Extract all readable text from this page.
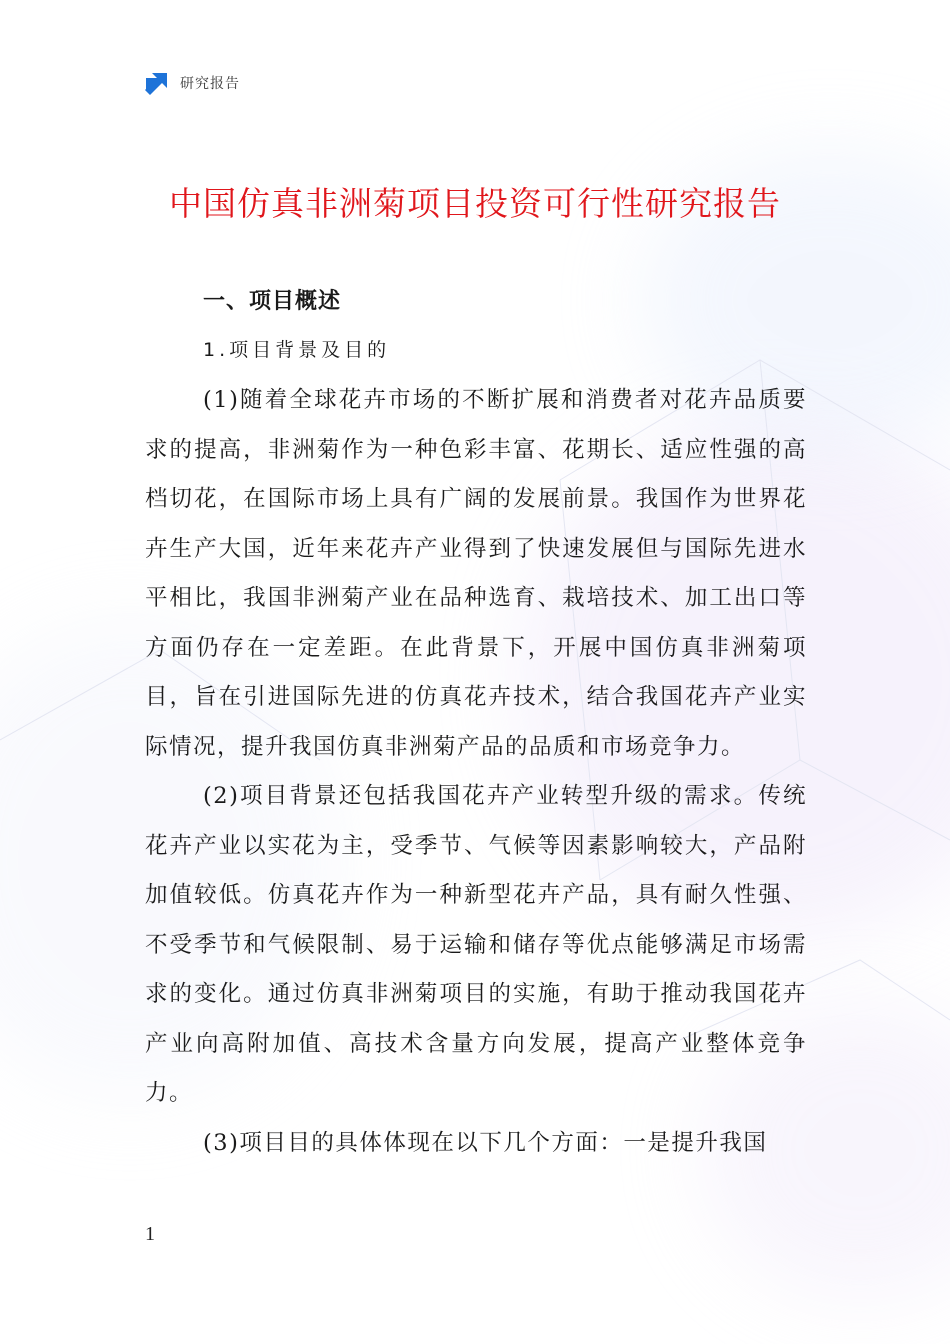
研究报告
中国仿真非洲菊项目投资可行性研究报告
一、项目概述
1.项目背景及目的

(1)随着全球花卉市场的不断扩展和消费者对花卉品质要求的提高，非洲菊作为一种色彩丰富、花期长、适应性强的高档切花，在国际市场上具有广阔的发展前景。我国作为世界花卉生产大国，近年来花卉产业得到了快速发展但与国际先进水平相比，我国非洲菊产业在品种选育、栽培技术、加工出口等方面仍存在一定差距。在此背景下，开展中国仿真非洲菊项目，旨在引进国际先进的仿真花卉技术，结合我国花卉产业实际情况，提升我国仿真非洲菊产品的品质和市场竞争力。

(2)项目背景还包括我国花卉产业转型升级的需求。传统花卉产业以实花为主，受季节、气候等因素影响较大，产品附加值较低。仿真花卉作为一种新型花卉产品，具有耐久性强、不受季节和气候限制、易于运输和储存等优点能够满足市场需求的变化。通过仿真非洲菊项目的实施，有助于推动我国花卉产业向高附加值、高技术含量方向发展，提高产业整体竞争力。

(3)项目目的具体体现在以下几个方面：一是提升我国

1
